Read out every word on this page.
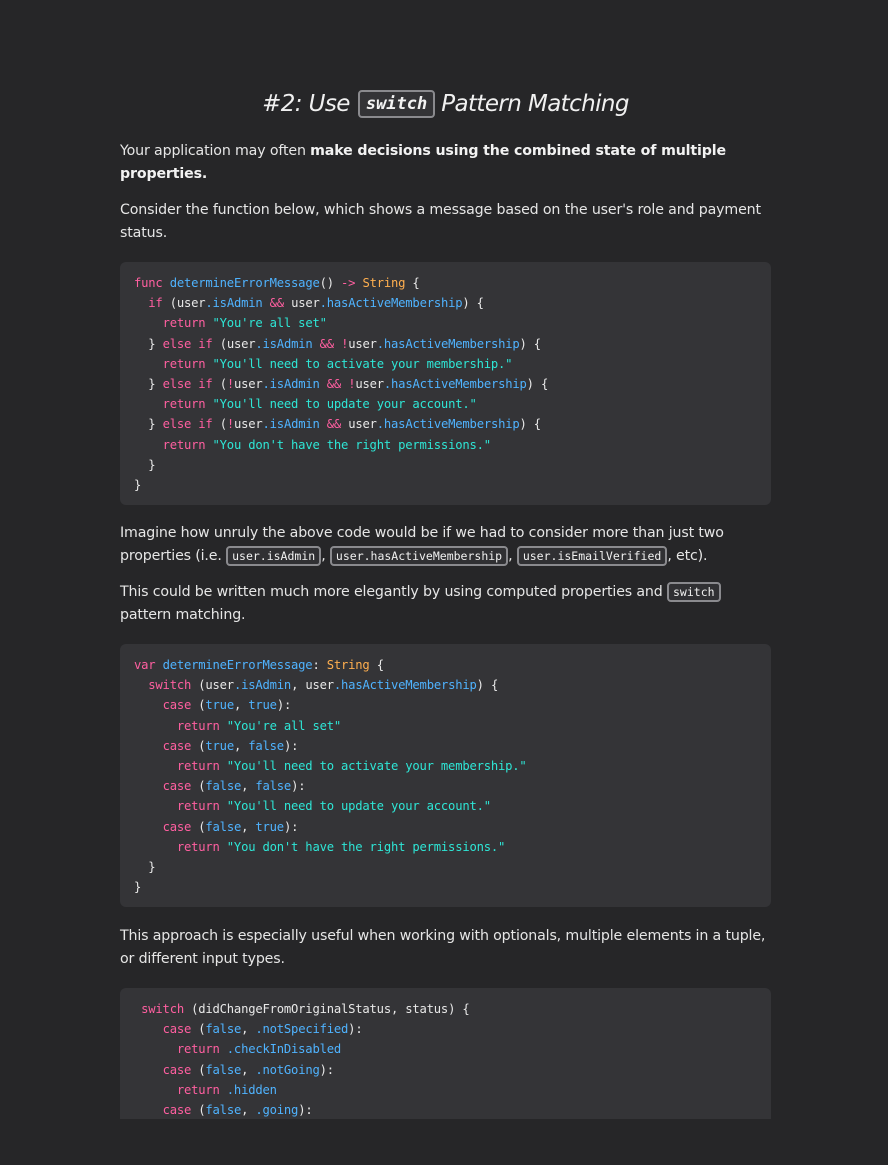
#2: Use switch Pattern Matching

Your application may often make decisions using the combined state of multiple properties.

Consider the function below, which shows a message based on the user's role and payment status.

func determineErrorMessage() -> String {
if (user.isAdmin && user.hasActiveMembership) {
return "You're all set"
} else if (user.isAdmin && !user.hasActiveMembership) {
return "You'll need to activate your membership."
} else if (!user.isAdmin && !user.hasActiveMembership) {
return "You'll need to update your account."
} else if (!user.isAdmin && user.hasActiveMembership) {
return "You don't have the right permissions."
}
}

Imagine how unruly the above code would be if we had to consider more than just two properties (i.e. user.isAdmin , user.hasActiveMembership , user.isEmailVerified , etc).

This could be written much more elegantly by using computed properties and switch pattern matching.

var determineErrorMessage: String {
switch (user.isAdmin, user.hasActiveMembership) {
case (true, true):
return "You're all set"
case (true, false):
return "You'll need to activate your membership."
case (false, false):
return "You'll need to update your account."
case (false, true):
return "You don't have the right permissions."
}
}

This approach is especially useful when working with optionals, multiple elements in a tuple, or different input types.

switch (didChangeFromOriginalStatus, status) {
case (false, .notSpecified):
return .checkInDisabled
case (false, .notGoing):
return .hidden
case (false, .going):
